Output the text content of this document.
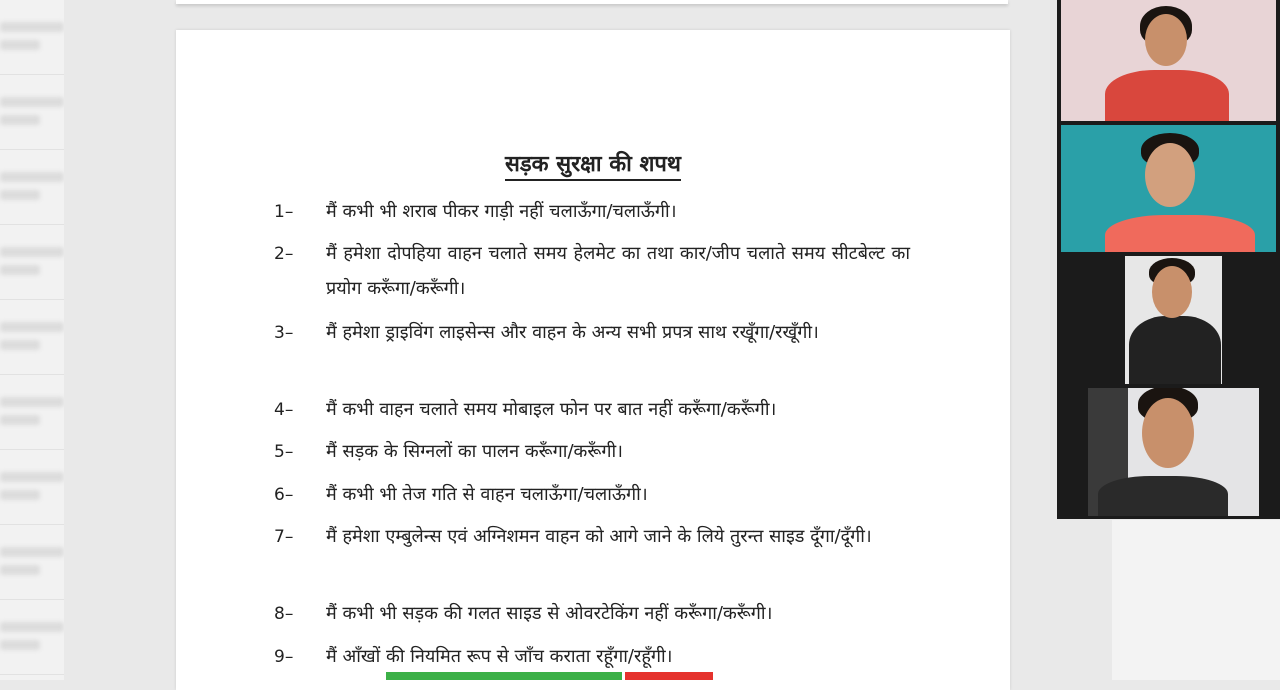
सड़क सुरक्षा की शपथ
1– मैं कभी भी शराब पीकर गाड़ी नहीं चलाऊँगा/चलाऊँगी।
2– मैं हमेशा दोपहिया वाहन चलाते समय हेलमेट का तथा कार/जीप चलाते समय सीटबेल्ट का प्रयोग करूँगा/करूँगी।
3– मैं हमेशा ड्राइविंग लाइसेन्स और वाहन के अन्य सभी प्रपत्र साथ रखूँगा/रखूँगी।
4– मैं कभी वाहन चलाते समय मोबाइल फोन पर बात नहीं करूँगा/करूँगी।
5– मैं सड़क के सिग्नलों का पालन करूँगा/करूँगी।
6– मैं कभी भी तेज गति से वाहन चलाऊँगा/चलाऊँगी।
7– मैं हमेशा एम्बुलेन्स एवं अग्निशमन वाहन को आगे जाने के लिये तुरन्त साइड दूँगा/दूँगी।
8– मैं कभी भी सड़क की गलत साइड से ओवरटेकिंग नहीं करूँगा/करूँगी।
9– मैं आँखों की नियमित रूप से जाँच कराता रहूँगा/रहूँगी।
